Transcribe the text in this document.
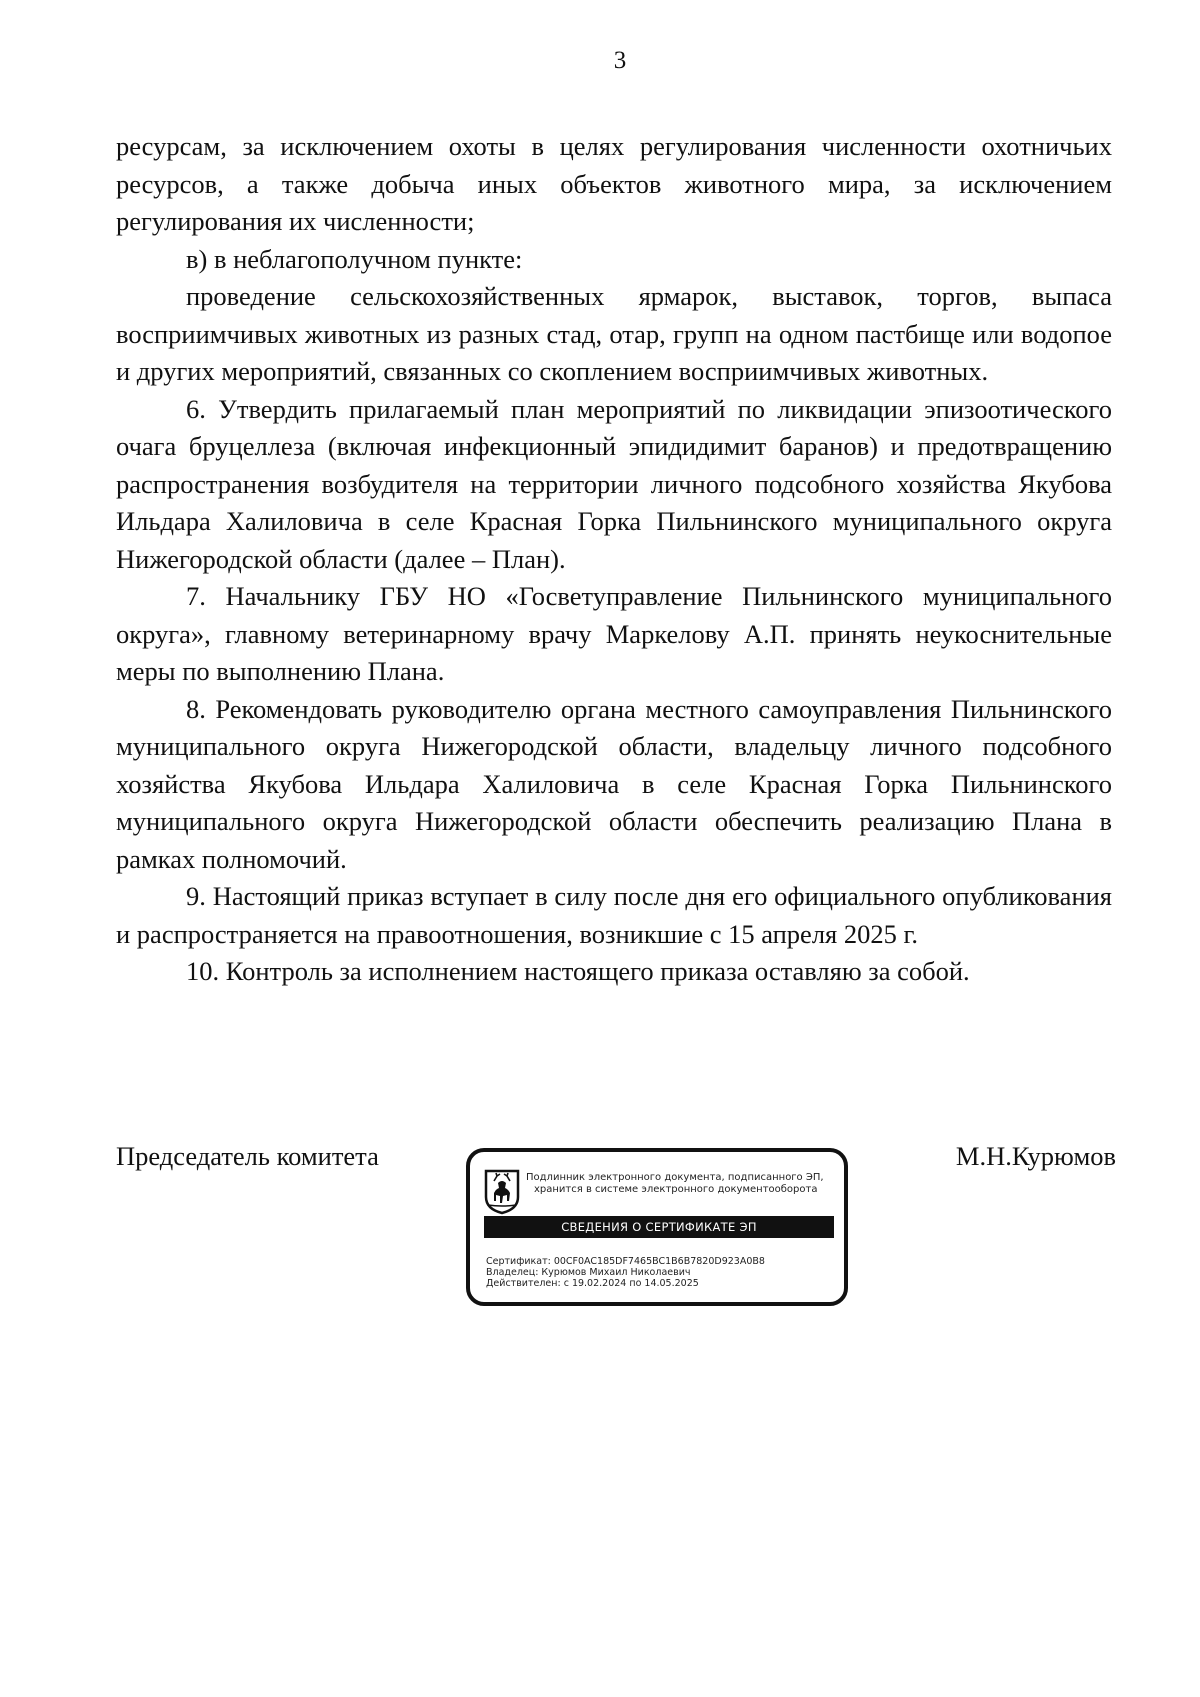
3

ресурсам, за исключением охоты в целях регулирования численности охотничьих ресурсов, а также добыча иных объектов животного мира, за исключением регулирования их численности;

в) в неблагополучном пункте:

проведение сельскохозяйственных ярмарок, выставок, торгов, выпаса восприимчивых животных из разных стад, отар, групп на одном пастбище или водопое и других мероприятий, связанных со скоплением восприимчивых животных.

6. Утвердить прилагаемый план мероприятий по ликвидации эпизоотического очага бруцеллеза (включая инфекционный эпидидимит баранов) и предотвращению распространения возбудителя на территории личного подсобного хозяйства Якубова Ильдара Халиловича в селе Красная Горка Пильнинского муниципального округа Нижегородской области (далее – План).

7. Начальнику ГБУ НО «Госветуправление Пильнинского муниципального округа», главному ветеринарному врачу Маркелову А.П. принять неукоснительные меры по выполнению Плана.

8. Рекомендовать руководителю органа местного самоуправления Пильнинского муниципального округа Нижегородской области, владельцу личного подсобного хозяйства Якубова Ильдара Халиловича в селе Красная Горка Пильнинского муниципального округа Нижегородской области обеспечить реализацию Плана в рамках полномочий.

9. Настоящий приказ вступает в силу после дня его официального опубликования и распространяется на правоотношения, возникшие с 15 апреля 2025 г.

10. Контроль за исполнением настоящего приказа оставляю за собой.

Председатель комитета	М.Н.Курюмов
Подлинник электронного документа, подписанного ЭП,
хранится в системе электронного документооборота
СВЕДЕНИЯ О СЕРТИФИКАТЕ ЭП
Сертификат: 00CF0AC185DF7465BC1B6B7820D923A0B8
Владелец: Курюмов Михаил Николаевич
Действителен: с 19.02.2024 по 14.05.2025
